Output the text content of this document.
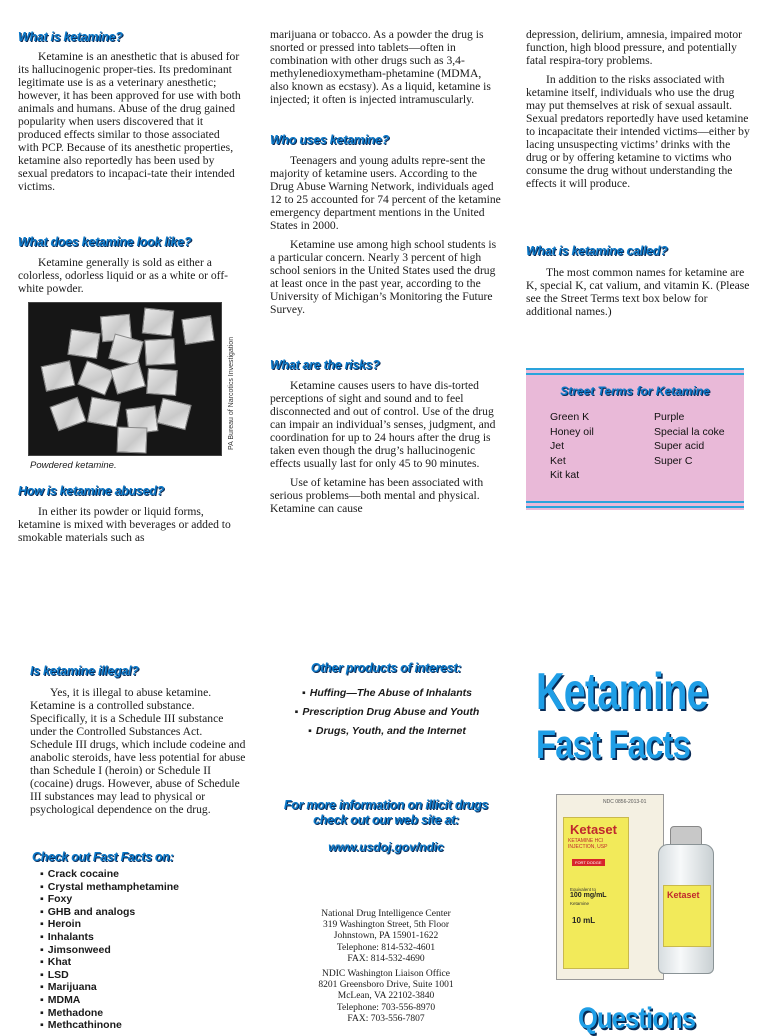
What is ketamine?

Ketamine is an anesthetic that is abused for its hallucinogenic proper-ties. Its predominant legitimate use is as a veterinary anesthetic; however, it has been approved for use with both animals and humans. Abuse of the drug gained popularity when users discovered that it produced effects similar to those associated with PCP. Because of its anesthetic properties, ketamine also reportedly has been used by sexual predators to incapaci-tate their intended victims.

What does ketamine look like?

Ketamine generally is sold as either a colorless, odorless liquid or as a white or off-white powder.

PA Bureau of Narcotics Investigation
Powdered ketamine.
How is ketamine abused?

In either its powder or liquid forms, ketamine is mixed with beverages or added to smokable materials such as

marijuana or tobacco. As a powder the drug is snorted or pressed into tablets—often in combination with other drugs such as 3,4-methylenedioxymetham-phetamine (MDMA, also known as ecstasy). As a liquid, ketamine is injected; it often is injected intramuscularly.

Who uses ketamine?

Teenagers and young adults repre-sent the majority of ketamine users. According to the Drug Abuse Warning Network, individuals aged 12 to 25 accounted for 74 percent of the ketamine emergency department mentions in the United States in 2000.

Ketamine use among high school students is a particular concern. Nearly 3 percent of high school seniors in the United States used the drug at least once in the past year, according to the University of Michigan’s Monitoring the Future Survey.

What are the risks?

Ketamine causes users to have dis-torted perceptions of sight and sound and to feel disconnected and out of control. Use of the drug can impair an individual’s senses, judgment, and coordination for up to 24 hours after the drug is taken even though the drug’s hallucinogenic effects usually last for only 45 to 90 minutes.

Use of ketamine has been associated with serious problems—both mental and physical. Ketamine can cause

depression, delirium, amnesia, impaired motor function, high blood pressure, and potentially fatal respira-tory problems.

In addition to the risks associated with ketamine itself, individuals who use the drug may put themselves at risk of sexual assault. Sexual predators reportedly have used ketamine to incapacitate their intended victims—either by lacing unsuspecting victims’ drinks with the drug or by offering ketamine to victims who consume the drug without understanding the effects it will produce.

What is ketamine called?

The most common names for ketamine are K, special K, cat valium, and vitamin K. (Please see the Street Terms text box below for additional names.)

Street Terms for Ketamine
Green K
Honey oil
Jet
Ket
Kit kat
Purple
Special la coke
Super acid
Super C
Is ketamine illegal?

Yes, it is illegal to abuse ketamine. Ketamine is a controlled substance. Specifically, it is a Schedule III substance under the Controlled Substances Act. Schedule III drugs, which include codeine and anabolic steroids, have less potential for abuse than Schedule I (heroin) or Schedule II (cocaine) drugs. However, abuse of Schedule III substances may lead to physical or psychological dependence on the drug.

Check out Fast Facts on:
▪ Crack cocaine
▪ Crystal methamphetamine
▪ Foxy
▪ GHB and analogs
▪ Heroin
▪ Inhalants
▪ Jimsonweed
▪ Khat
▪ LSD
▪ Marijuana
▪ MDMA
▪ Methadone
▪ Methcathinone
Other products of interest:
▪ Huffing—The Abuse of Inhalants
▪ Prescription Drug Abuse and Youth
▪ Drugs, Youth, and the Internet
For more information on illicit drugs check out our web site at:
www.usdoj.gov/ndic
National Drug Intelligence Center
319 Washington Street, 5th Floor
Johnstown, PA 15901-1622
Telephone: 814-532-4601
FAX: 814-532-4690
NDIC Washington Liaison Office
8201 Greensboro Drive, Suite 1001
McLean, VA 22102-3840
Telephone: 703-556-8970
FAX: 703-556-7807
Ketamine
Fast Facts
NDC 0856-2013-01
Ketaset
KETAMINE HCl INJECTION, USP
FORT DODGE
Equivalent to
100 mg/mL
Ketamine
10 mL
Ketaset
Questions
